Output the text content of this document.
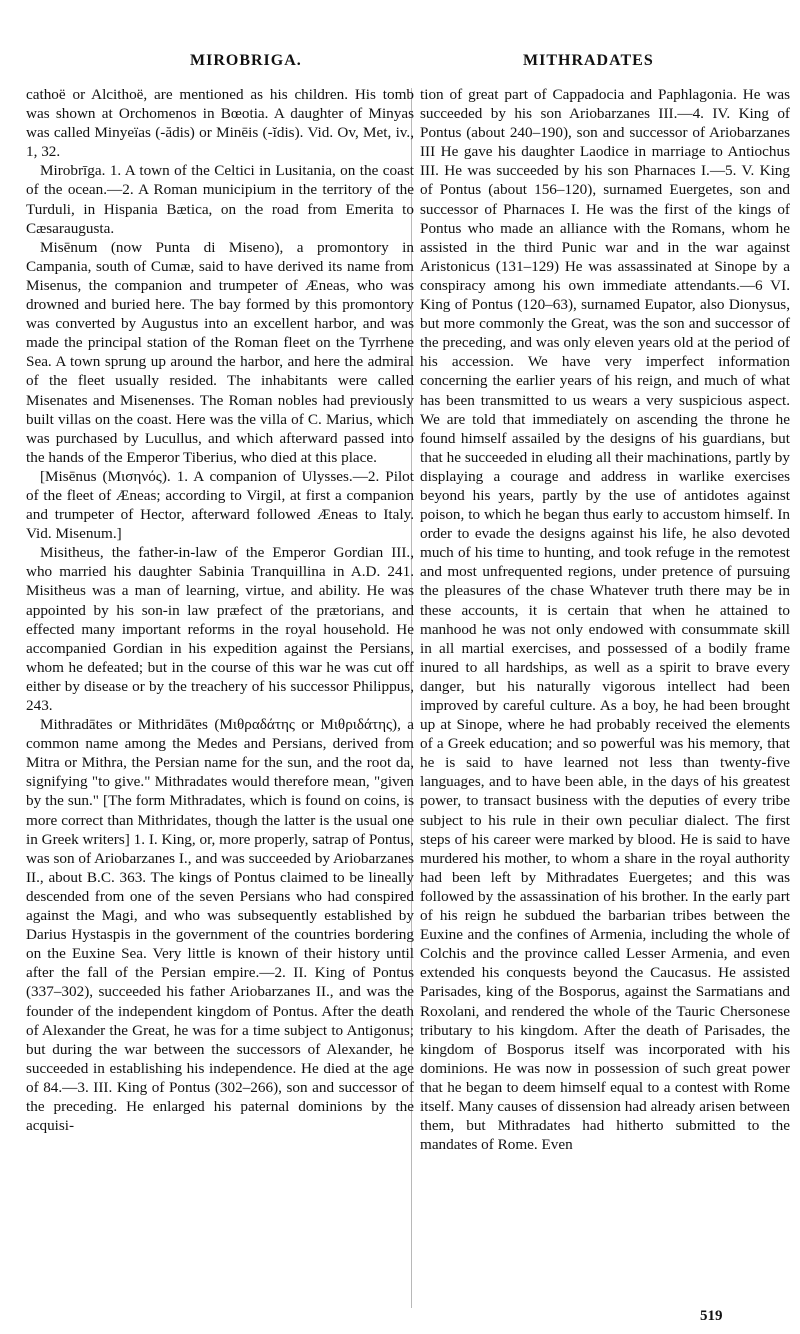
MIROBRIGA.	MITHRADATES

cathoë or Alcithoë, are mentioned as his children. His tomb was shown at Orchomenos in Bœotia. A daughter of Minyas was called Minyeïas (-ădis) or Minēis (-ĭdis). Vid. Ov, Met, iv., 1, 32.

Mirobrīga. 1. A town of the Celtici in Lusitania, on the coast of the ocean.—2. A Roman municipium in the territory of the Turduli, in Hispania Bætica, on the road from Emerita to Cæsaraugusta.

Misēnum (now Punta di Miseno), a promontory in Campania, south of Cumæ, said to have derived its name from Misenus, the companion and trumpeter of Æneas, who was drowned and buried here. The bay formed by this promontory was converted by Augustus into an excellent harbor, and was made the principal station of the Roman fleet on the Tyrrhene Sea. A town sprung up around the harbor, and here the admiral of the fleet usually resided. The inhabitants were called Misenates and Misenenses. The Roman nobles had previously built villas on the coast. Here was the villa of C. Marius, which was purchased by Lucullus, and which afterward passed into the hands of the Emperor Tiberius, who died at this place.

[Misēnus (Μισηνός). 1. A companion of Ulysses.—2. Pilot of the fleet of Æneas; according to Virgil, at first a companion and trumpeter of Hector, afterward followed Æneas to Italy. Vid. Misenum.]

Misitheus, the father-in-law of the Emperor Gordian III., who married his daughter Sabinia Tranquillina in A.D. 241. Misitheus was a man of learning, virtue, and ability. He was appointed by his son-in law præfect of the prætorians, and effected many important reforms in the royal household. He accompanied Gordian in his expedition against the Persians, whom he defeated; but in the course of this war he was cut off either by disease or by the treachery of his successor Philippus, 243.

Mithradātes or Mithridātes (Μιθραδάτης or Μιθριδάτης), a common name among the Medes and Persians, derived from Mitra or Mithra, the Persian name for the sun, and the root da, signifying "to give." Mithradates would therefore mean, "given by the sun." [The form Mithradates, which is found on coins, is more correct than Mithridates, though the latter is the usual one in Greek writers] 1. I. King, or, more properly, satrap of Pontus, was son of Ariobarzanes I., and was succeeded by Ariobarzanes II., about B.C. 363. The kings of Pontus claimed to be lineally descended from one of the seven Persians who had conspired against the Magi, and who was subsequently established by Darius Hystaspis in the government of the countries bordering on the Euxine Sea. Very little is known of their history until after the fall of the Persian empire.—2. II. King of Pontus (337–302), succeeded his father Ariobarzanes II., and was the founder of the independent kingdom of Pontus. After the death of Alexander the Great, he was for a time subject to Antigonus; but during the war between the successors of Alexander, he succeeded in establishing his independence. He died at the age of 84.—3. III. King of Pontus (302–266), son and successor of the preceding. He enlarged his paternal dominions by the acquisi-

tion of great part of Cappadocia and Paphlagonia. He was succeeded by his son Ariobarzanes III.—4. IV. King of Pontus (about 240–190), son and successor of Ariobarzanes III He gave his daughter Laodice in marriage to Antiochus III. He was succeeded by his son Pharnaces I.—5. V. King of Pontus (about 156–120), surnamed Euergetes, son and successor of Pharnaces I. He was the first of the kings of Pontus who made an alliance with the Romans, whom he assisted in the third Punic war and in the war against Aristonicus (131–129) He was assassinated at Sinope by a conspiracy among his own immediate attendants.—6 VI. King of Pontus (120–63), surnamed Eupator, also Dionysus, but more commonly the Great, was the son and successor of the preceding, and was only eleven years old at the period of his accession. We have very imperfect information concerning the earlier years of his reign, and much of what has been transmitted to us wears a very suspicious aspect. We are told that immediately on ascending the throne he found himself assailed by the designs of his guardians, but that he succeeded in eluding all their machinations, partly by displaying a courage and address in warlike exercises beyond his years, partly by the use of antidotes against poison, to which he began thus early to accustom himself. In order to evade the designs against his life, he also devoted much of his time to hunting, and took refuge in the remotest and most unfrequented regions, under pretence of pursuing the pleasures of the chase Whatever truth there may be in these accounts, it is certain that when he attained to manhood he was not only endowed with consummate skill in all martial exercises, and possessed of a bodily frame inured to all hardships, as well as a spirit to brave every danger, but his naturally vigorous intellect had been improved by careful culture. As a boy, he had been brought up at Sinope, where he had probably received the elements of a Greek education; and so powerful was his memory, that he is said to have learned not less than twenty-five languages, and to have been able, in the days of his greatest power, to transact business with the deputies of every tribe subject to his rule in their own peculiar dialect. The first steps of his career were marked by blood. He is said to have murdered his mother, to whom a share in the royal authority had been left by Mithradates Euergetes; and this was followed by the assassination of his brother. In the early part of his reign he subdued the barbarian tribes between the Euxine and the confines of Armenia, including the whole of Colchis and the province called Lesser Armenia, and even extended his conquests beyond the Caucasus. He assisted Parisades, king of the Bosporus, against the Sarmatians and Roxolani, and rendered the whole of the Tauric Chersonese tributary to his kingdom. After the death of Parisades, the kingdom of Bosporus itself was incorporated with his dominions. He was now in possession of such great power that he began to deem himself equal to a contest with Rome itself. Many causes of dissension had already arisen between them, but Mithradates had hitherto submitted to the mandates of Rome. Even

519
